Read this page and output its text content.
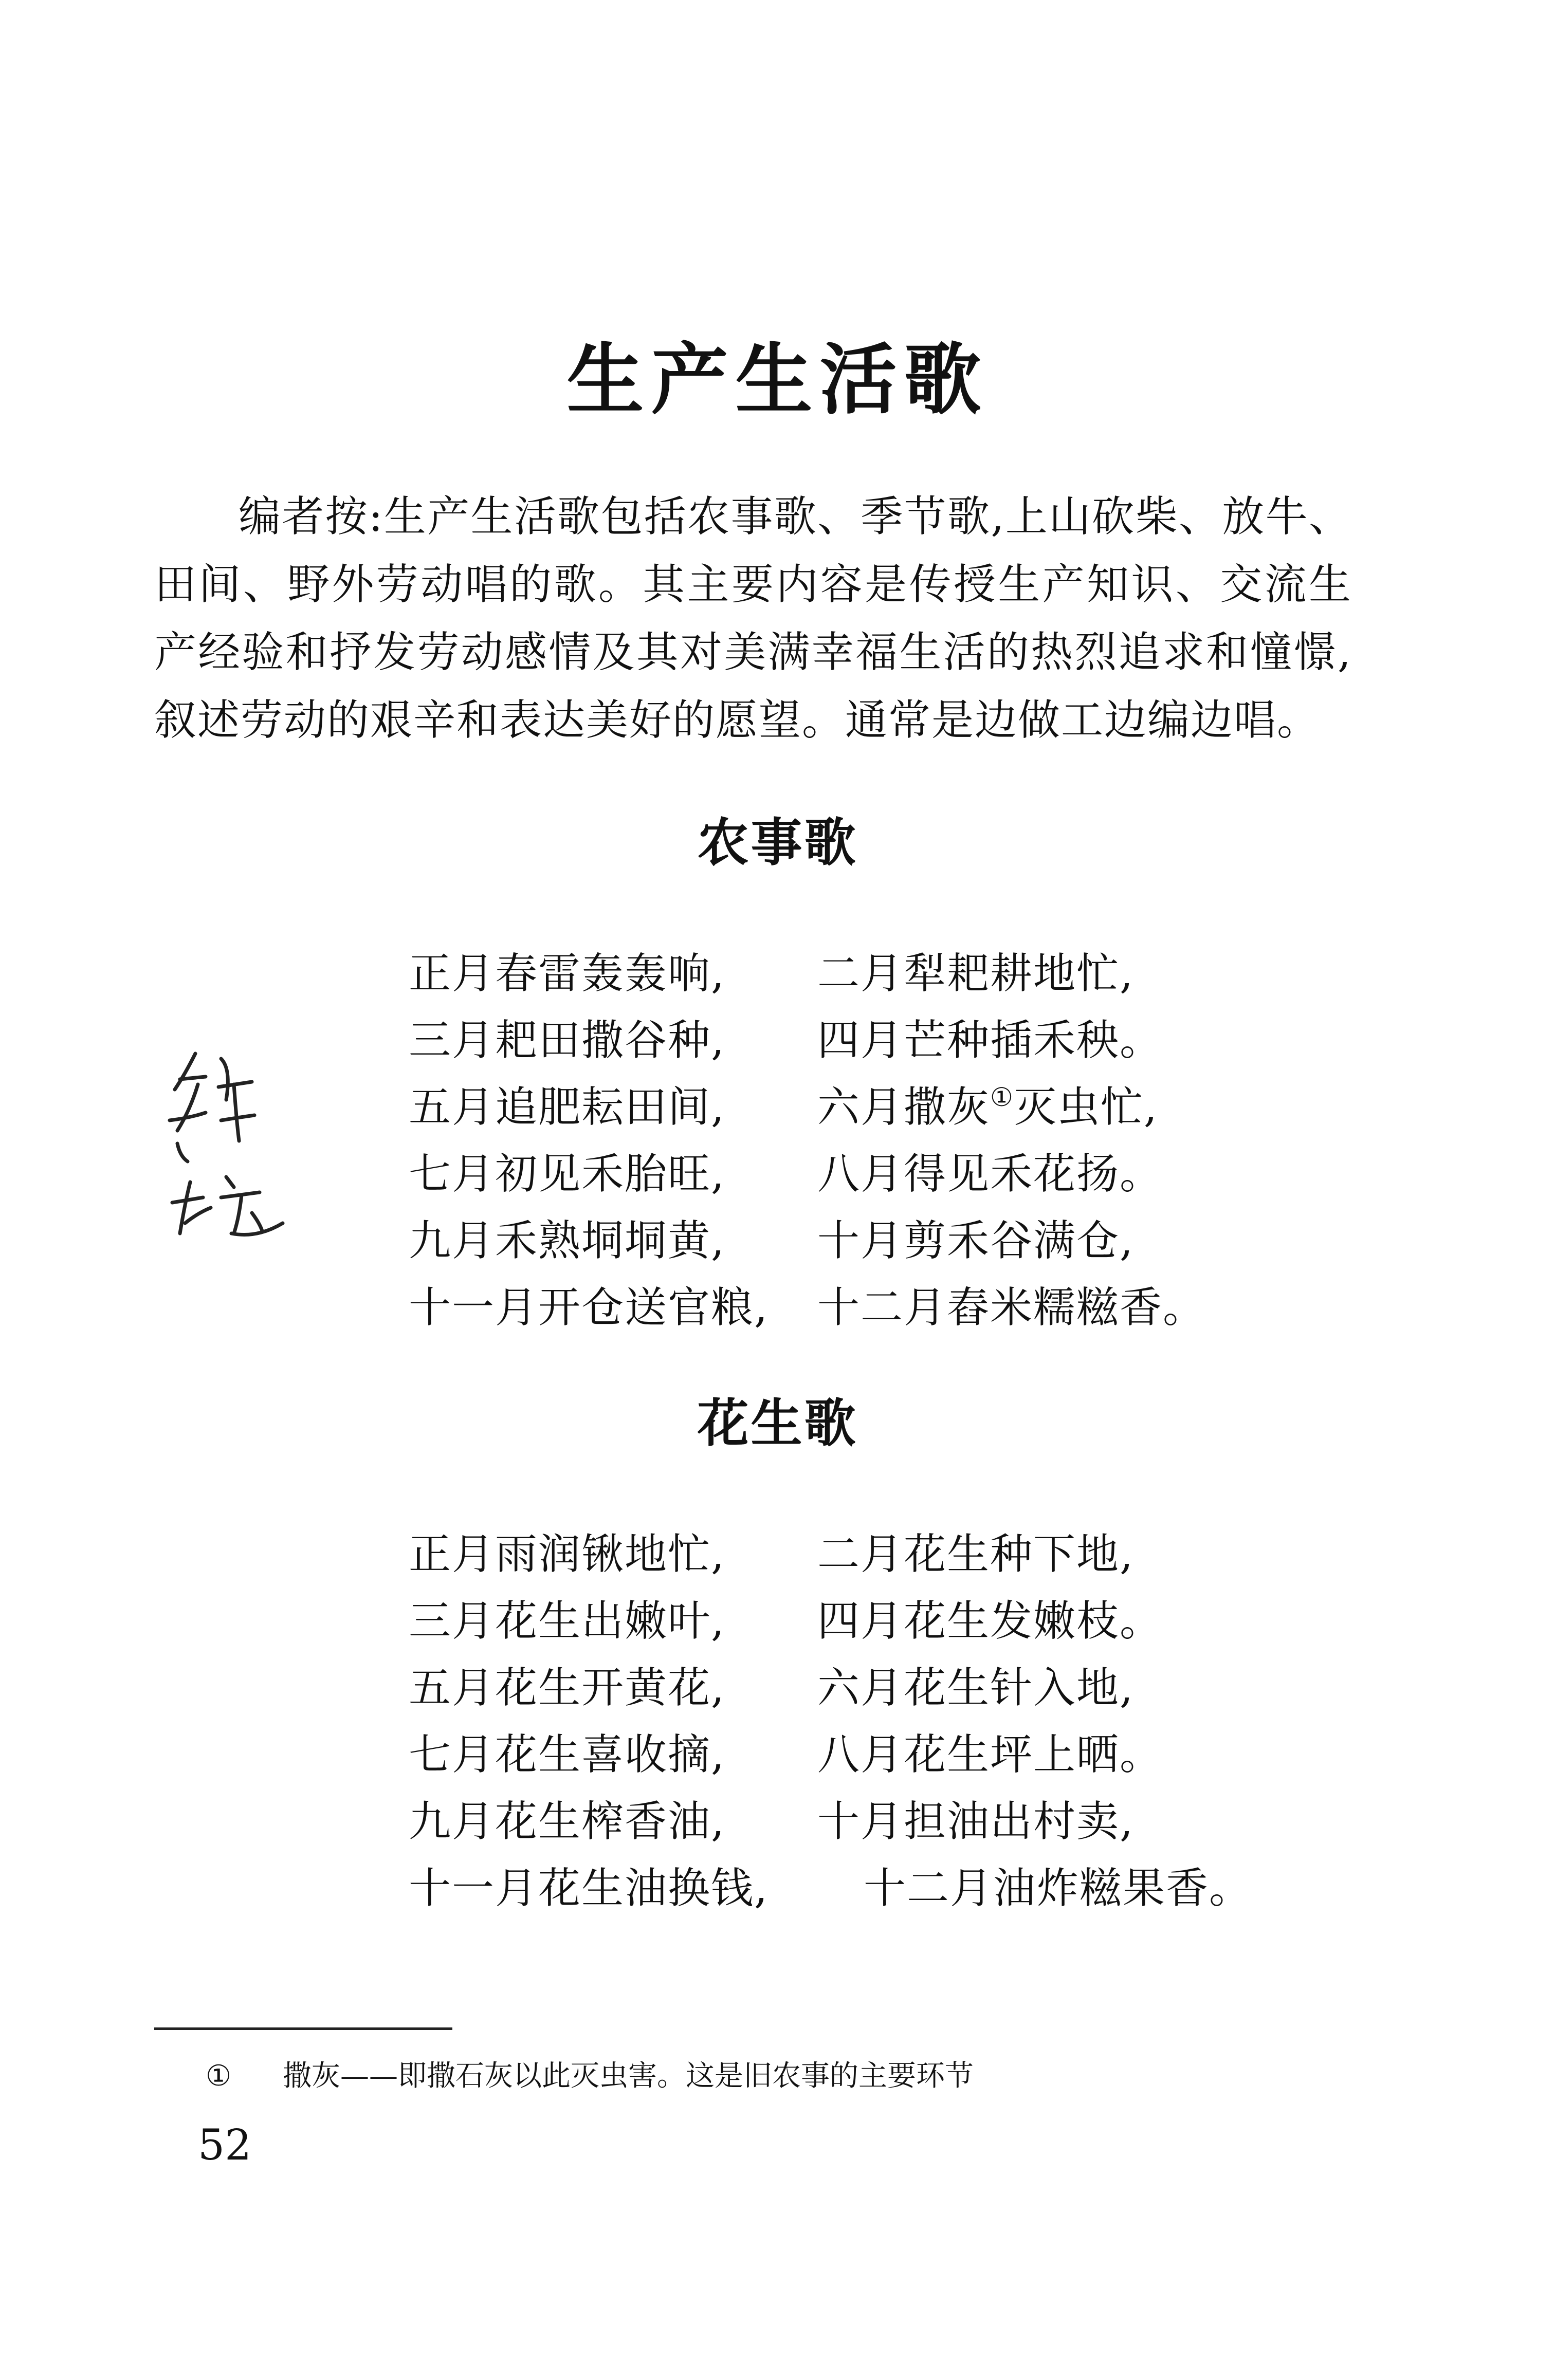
生产生活歌
编者按:生产生活歌包括农事歌、季节歌,上山砍柴、放牛、田间、野外劳动唱的歌。其主要内容是传授生产知识、交流生产经验和抒发劳动感情及其对美满幸福生活的热烈追求和憧憬,叙述劳动的艰辛和表达美好的愿望。通常是边做工边编边唱。
农事歌
正月春雷轰轰响, 二月犁耙耕地忙,
三月耙田撒谷种, 四月芒种插禾秧。
五月追肥耘田间, 六月撒灰①灭虫忙,
七月初见禾胎旺, 八月得见禾花扬。
九月禾熟垌垌黄, 十月剪禾谷满仓,
十一月开仓送官粮, 十二月舂米糯糍香。
花生歌
正月雨润锹地忙, 二月花生种下地,
三月花生出嫩叶, 四月花生发嫩枝。
五月花生开黄花, 六月花生针入地,
七月花生喜收摘, 八月花生坪上晒。
九月花生榨香油, 十月担油出村卖,
十一月花生油换钱, 十二月油炸糍果香。
① 撒灰——即撒石灰以此灭虫害。这是旧农事的主要环节
52
